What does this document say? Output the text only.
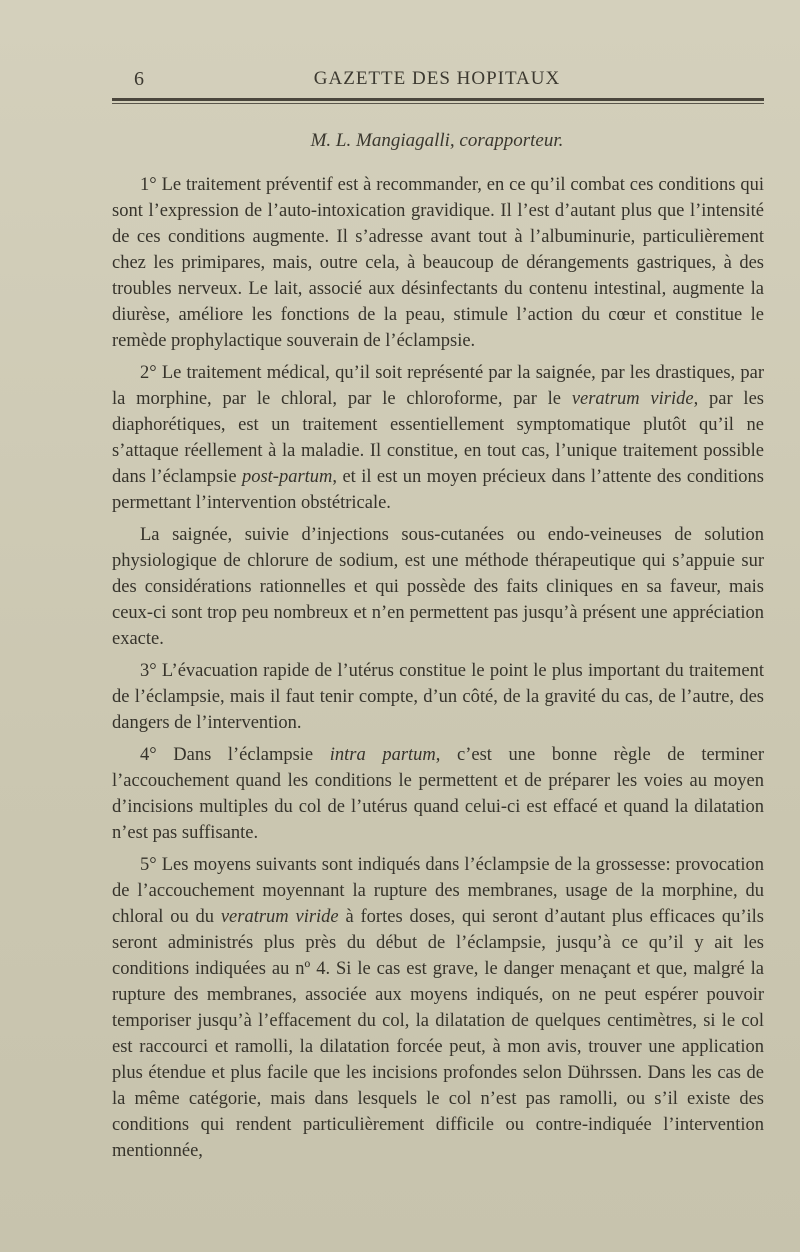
6	GAZETTE DES HOPITAUX
M. L. Mangiagalli, corapporteur.

1° Le traitement préventif est à recommander, en ce qu’il combat ces conditions qui sont l’expression de l’auto-intoxication gravidique. Il l’est d’autant plus que l’intensité de ces conditions augmente. Il s’adresse avant tout à l’albuminurie, particulièrement chez les primipares, mais, outre cela, à beaucoup de dérangements gastriques, à des troubles nerveux. Le lait, associé aux désinfectants du contenu intestinal, augmente la diurèse, améliore les fonctions de la peau, stimule l’action du cœur et constitue le remède prophylactique souverain de l’éclampsie.

2° Le traitement médical, qu’il soit représenté par la saignée, par les drastiques, par la morphine, par le chloral, par le chloroforme, par le veratrum viride, par les diaphorétiques, est un traitement essentiellement symptomatique plutôt qu’il ne s’attaque réellement à la maladie. Il constitue, en tout cas, l’unique traitement possible dans l’éclampsie post-partum, et il est un moyen précieux dans l’attente des conditions permettant l’intervention obstétricale.

La saignée, suivie d’injections sous-cutanées ou endo-veineuses de solution physiologique de chlorure de sodium, est une méthode thérapeutique qui s’appuie sur des considérations rationnelles et qui possède des faits cliniques en sa faveur, mais ceux-ci sont trop peu nombreux et n’en permettent pas jusqu’à présent une appréciation exacte.

3° L’évacuation rapide de l’utérus constitue le point le plus important du traitement de l’éclampsie, mais il faut tenir compte, d’un côté, de la gravité du cas, de l’autre, des dangers de l’intervention.

4° Dans l’éclampsie intra partum, c’est une bonne règle de terminer l’accouchement quand les conditions le permettent et de préparer les voies au moyen d’incisions multiples du col de l’utérus quand celui-ci est effacé et quand la dilatation n’est pas suffisante.

5° Les moyens suivants sont indiqués dans l’éclampsie de la grossesse: provocation de l’accouchement moyennant la rupture des membranes, usage de la morphine, du chloral ou du veratrum viride à fortes doses, qui seront d’autant plus efficaces qu’ils seront administrés plus près du début de l’éclampsie, jusqu’à ce qu’il y ait les conditions indiquées au nº 4. Si le cas est grave, le danger menaçant et que, malgré la rupture des membranes, associée aux moyens indiqués, on ne peut espérer pouvoir temporiser jusqu’à l’effacement du col, la dilatation de quelques centimètres, si le col est raccourci et ramolli, la dilatation forcée peut, à mon avis, trouver une application plus étendue et plus facile que les incisions profondes selon Dührssen. Dans les cas de la même catégorie, mais dans lesquels le col n’est pas ramolli, ou s’il existe des conditions qui rendent particulièrement difficile ou contre-indiquée l’intervention mentionnée,
